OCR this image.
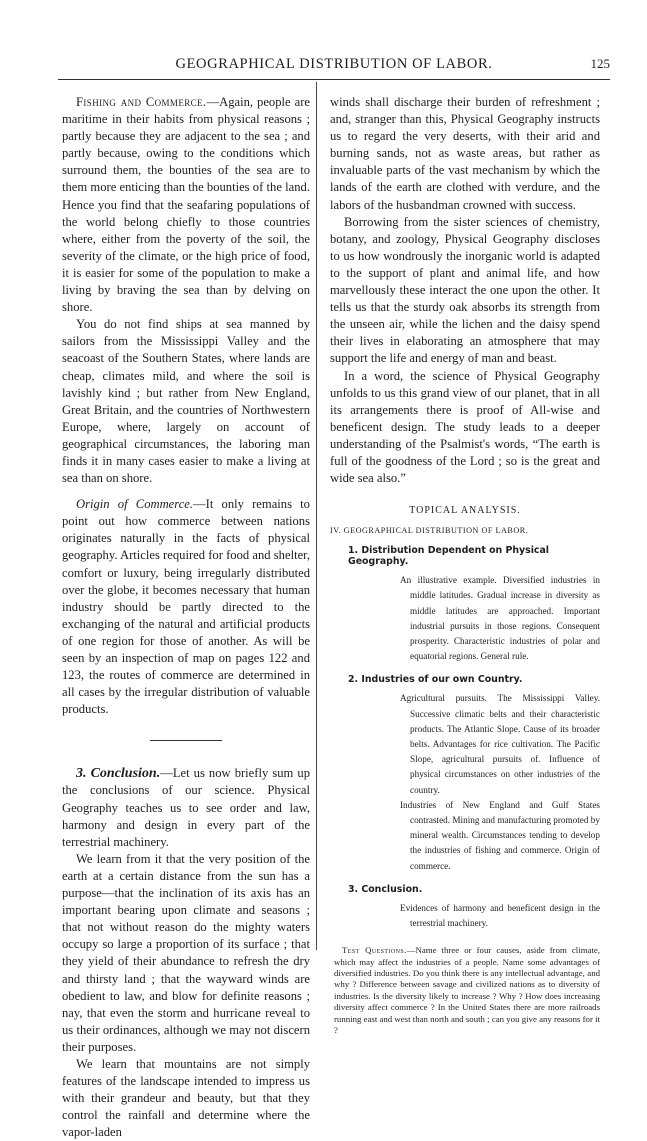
GEOGRAPHICAL DISTRIBUTION OF LABOR.	125

Fishing and Commerce.—Again, people are maritime in their habits from physical reasons ; partly because they are adjacent to the sea ; and partly because, owing to the conditions which surround them, the bounties of the sea are to them more enticing than the bounties of the land. Hence you find that the seafaring populations of the world belong chiefly to those countries where, either from the poverty of the soil, the severity of the climate, or the high price of food, it is easier for some of the population to make a living by braving the sea than by delving on shore.

You do not find ships at sea manned by sailors from the Mississippi Valley and the seacoast of the Southern States, where lands are cheap, climates mild, and where the soil is lavishly kind ; but rather from New England, Great Britain, and the countries of Northwestern Europe, where, largely on account of geographical circumstances, the laboring man finds it in many cases easier to make a living at sea than on shore.

Origin of Commerce.—It only remains to point out how commerce between nations originates naturally in the facts of physical geography. Articles required for food and shelter, comfort or luxury, being irregularly distributed over the globe, it becomes necessary that human industry should be partly directed to the exchanging of the natural and artificial products of one region for those of another. As will be seen by an inspection of map on pages 122 and 123, the routes of commerce are determined in all cases by the irregular distribution of valuable products.

3. Conclusion.—Let us now briefly sum up the conclusions of our science. Physical Geography teaches us to see order and law, harmony and design in every part of the terrestrial machinery.

We learn from it that the very position of the earth at a certain distance from the sun has a purpose—that the inclination of its axis has an important bearing upon climate and seasons ; that not without reason do the mighty waters occupy so large a proportion of its surface ; that they yield of their abundance to refresh the dry and thirsty land ; that the wayward winds are obedient to law, and blow for definite reasons ; nay, that even the storm and hurricane reveal to us their ordinances, although we may not discern their purposes.

We learn that mountains are not simply features of the landscape intended to impress us with their grandeur and beauty, but that they control the rainfall and determine where the vapor-laden

winds shall discharge their burden of refreshment ; and, stranger than this, Physical Geography instructs us to regard the very deserts, with their arid and burning sands, not as waste areas, but rather as invaluable parts of the vast mechanism by which the lands of the earth are clothed with verdure, and the labors of the husbandman crowned with success.

Borrowing from the sister sciences of chemistry, botany, and zoology, Physical Geography discloses to us how wondrously the inorganic world is adapted to the support of plant and animal life, and how marvellously these interact the one upon the other. It tells us that the sturdy oak absorbs its strength from the unseen air, while the lichen and the daisy spend their lives in elaborating an atmosphere that may support the life and energy of man and beast.

In a word, the science of Physical Geography unfolds to us this grand view of our planet, that in all its arrangements there is proof of All-wise and beneficent design. The study leads to a deeper understanding of the Psalmist's words, “The earth is full of the goodness of the Lord ; so is the great and wide sea also.”

TOPICAL ANALYSIS.
IV. GEOGRAPHICAL DISTRIBUTION OF LABOR.
1. Distribution Dependent on Physical Geography.
An illustrative example. Diversified industries in middle latitudes. Gradual increase in diversity as middle latitudes are approached. Important industrial pursuits in those regions. Consequent prosperity. Characteristic industries of polar and equatorial regions. General rule.
2. Industries of our own Country.
Agricultural pursuits. The Mississippi Valley. Successive climatic belts and their characteristic products. The Atlantic Slope. Cause of its broader belts. Advantages for rice cultivation. The Pacific Slope, agricultural pursuits of. Influence of physical circumstances on other industries of the country.
Industries of New England and Gulf States contrasted. Mining and manufacturing promoted by mineral wealth. Circumstances tending to develop the industries of fishing and commerce. Origin of commerce.
3. Conclusion.
Evidences of harmony and beneficent design in the terrestrial machinery.

Test Questions.—Name three or four causes, aside from climate, which may affect the industries of a people. Name some advantages of diversified industries. Do you think there is any intellectual advantage, and why ? Difference between savage and civilized nations as to diversity of industries. Is the diversity likely to increase ? Why ? How does increasing diversity affect commerce ? In the United States there are more railroads running east and west than north and south ; can you give any reasons for it ?
